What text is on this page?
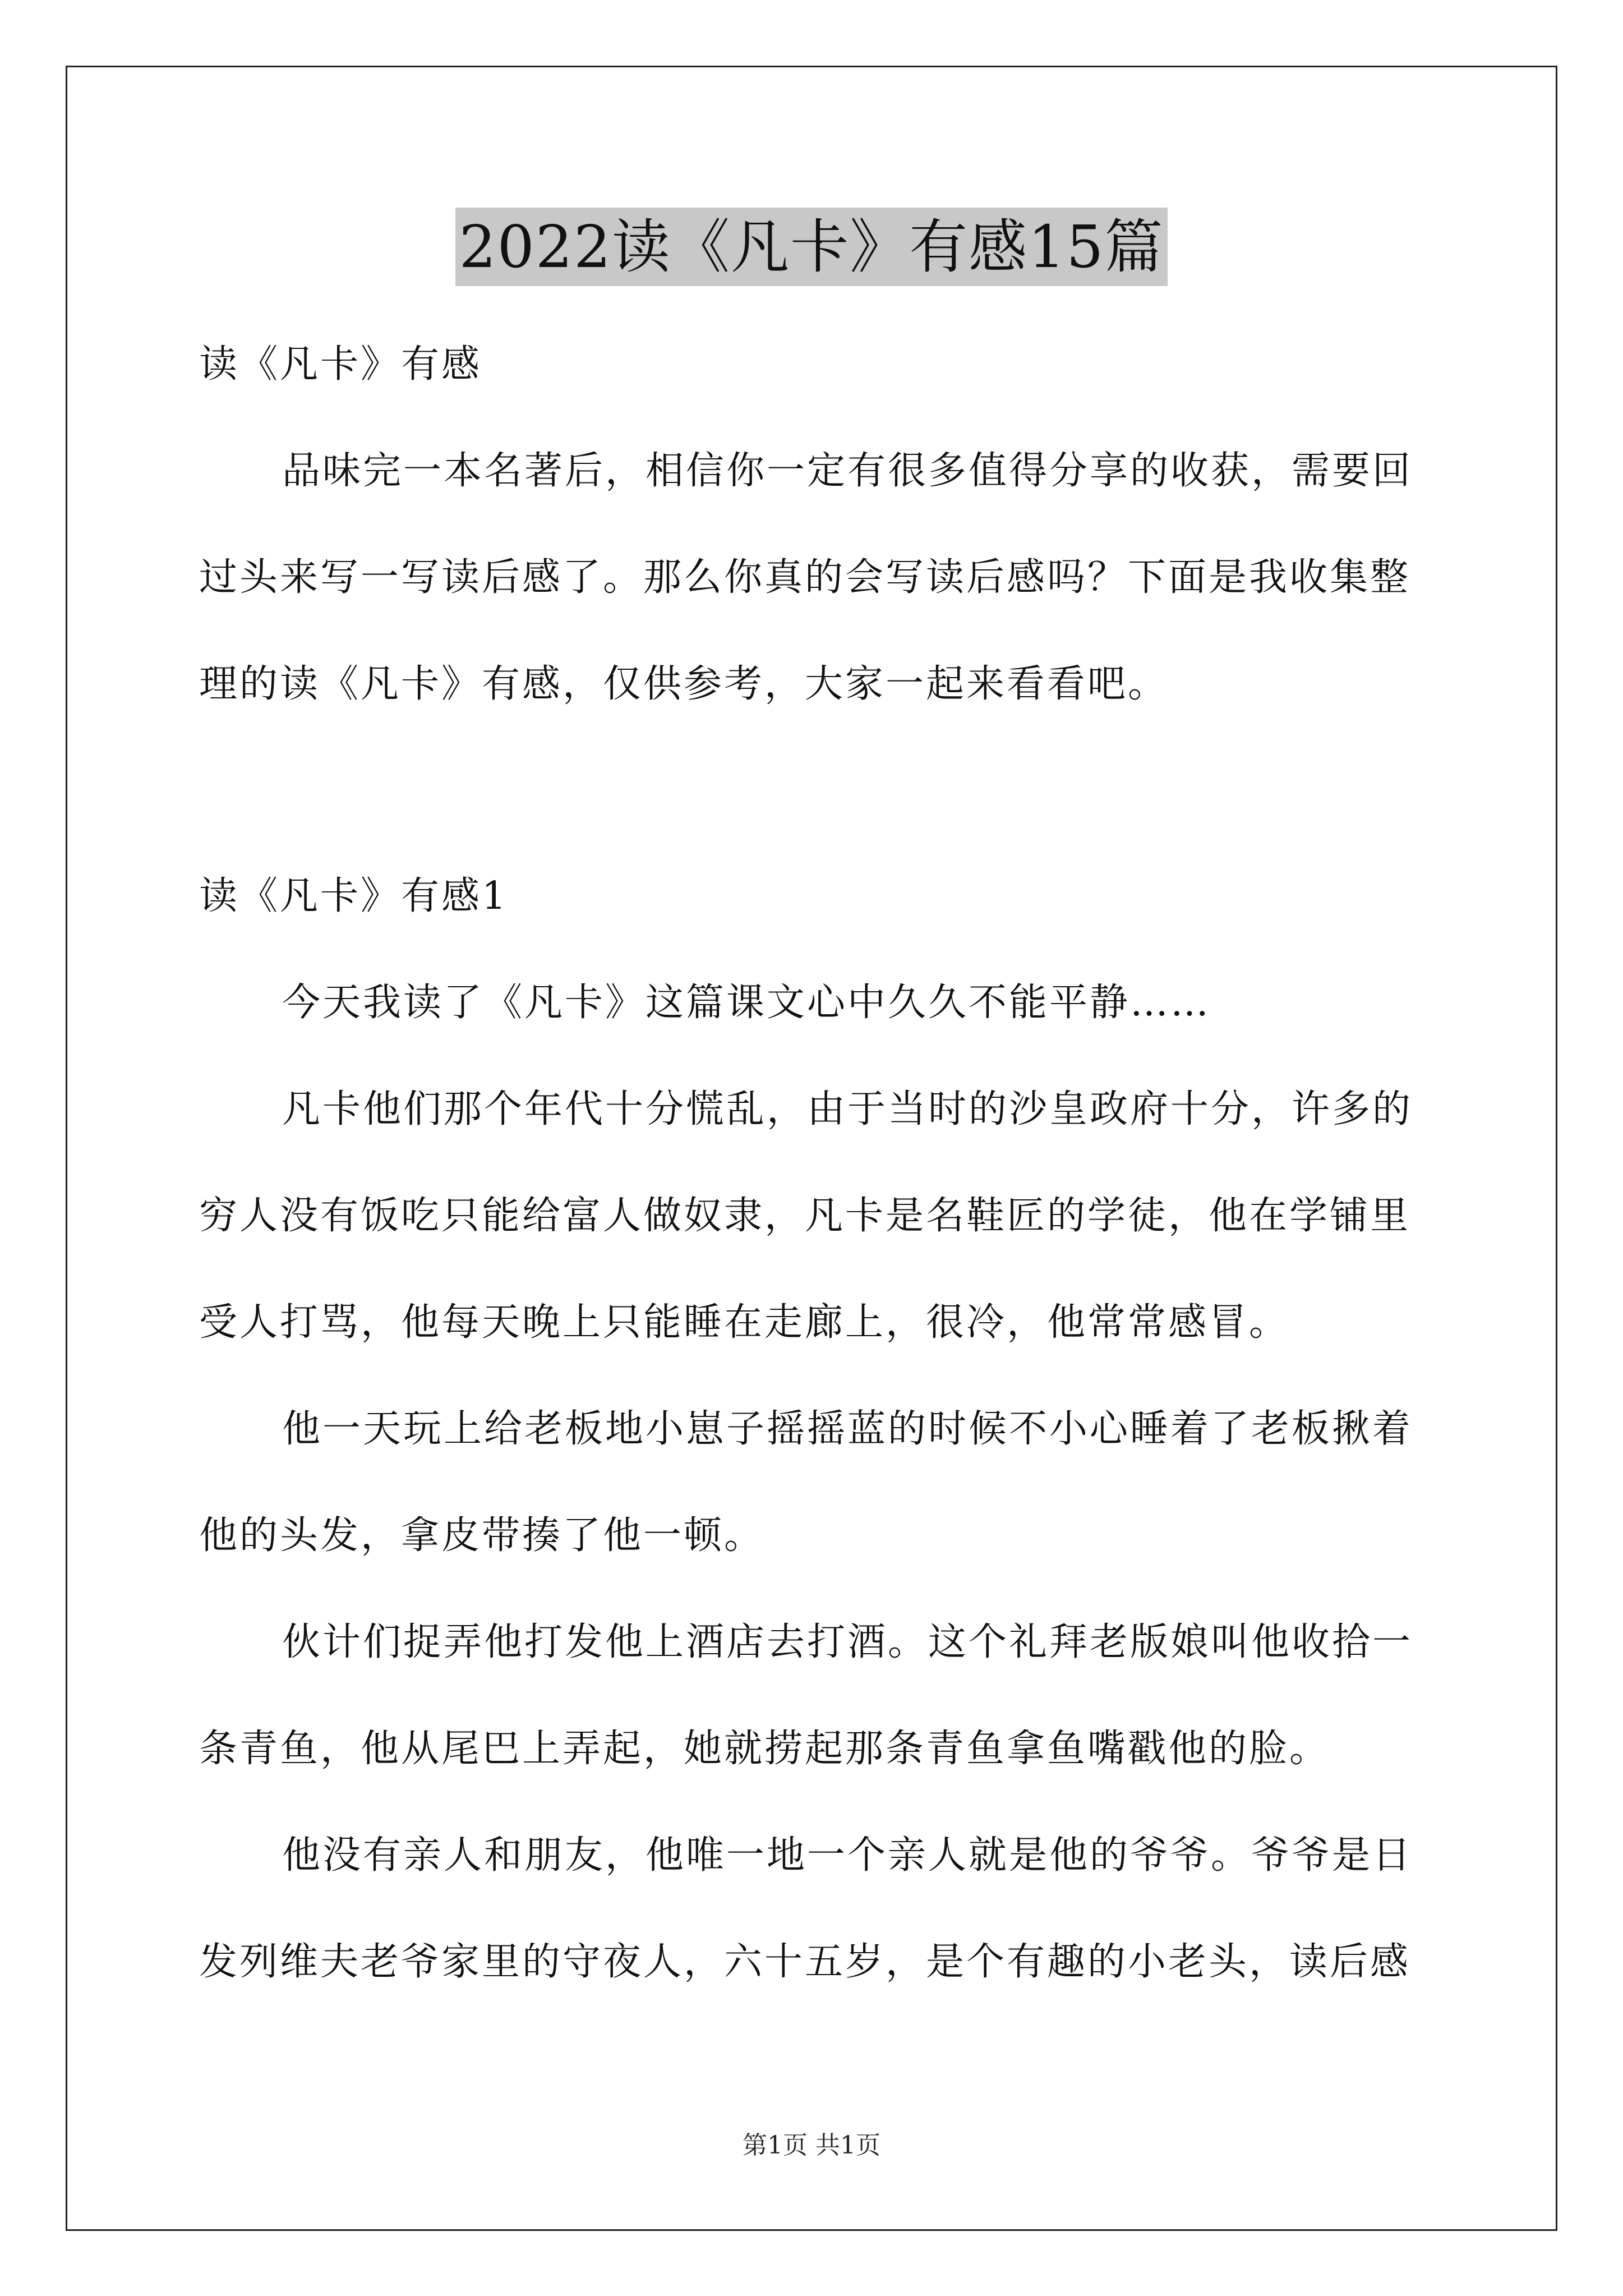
2022读《凡卡》有感15篇
读《凡卡》有感
品味完一本名著后，相信你一定有很多值得分享的收获，需要回
过头来写一写读后感了。那么你真的会写读后感吗？下面是我收集整
理的读《凡卡》有感，仅供参考，大家一起来看看吧。
读《凡卡》有感1
今天我读了《凡卡》这篇课文心中久久不能平静……
凡卡他们那个年代十分慌乱，由于当时的沙皇政府十分，许多的
穷人没有饭吃只能给富人做奴隶，凡卡是名鞋匠的学徒，他在学铺里
受人打骂，他每天晚上只能睡在走廊上，很冷，他常常感冒。
他一天玩上给老板地小崽子摇摇蓝的时候不小心睡着了老板揪着
他的头发，拿皮带揍了他一顿。
伙计们捉弄他打发他上酒店去打酒。这个礼拜老版娘叫他收拾一
条青鱼，他从尾巴上弄起，她就捞起那条青鱼拿鱼嘴戳他的脸。
他没有亲人和朋友，他唯一地一个亲人就是他的爷爷。爷爷是日
发列维夫老爷家里的守夜人，六十五岁，是个有趣的小老头，读后感
第1页 共1页
